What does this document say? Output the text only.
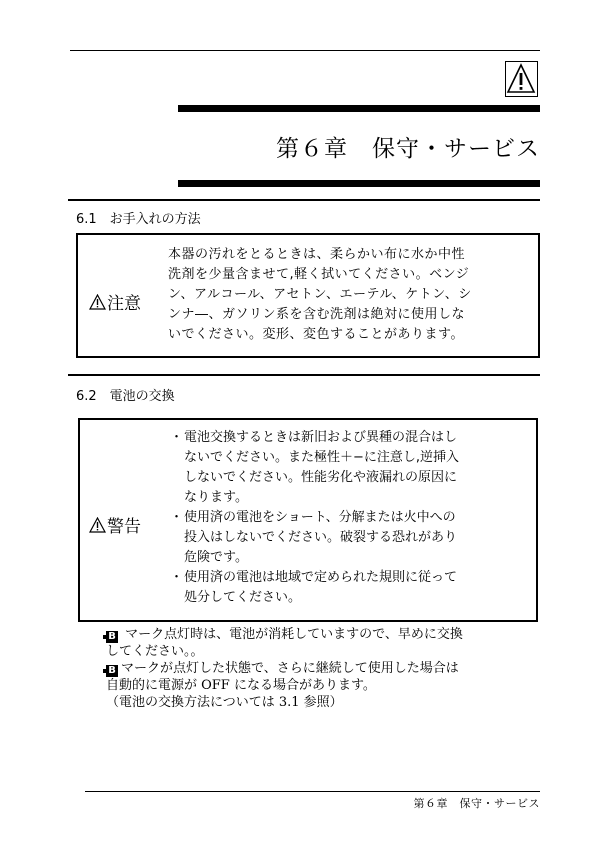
第６章　保守・サービス
6.1　お手入れの方法
注意
本器の汚れをとるときは、柔らかい布に水か中性
洗剤を少量含ませて,軽く拭いてください。ベンジ
ン、アルコール、アセトン、エーテル、ケトン、シ
ンナ―、ガソリン系を含む洗剤は絶対に使用しな
いでください。変形、変色することがあります。
6.2　電池の交換
警告
・ 電池交換するときは新旧および異種の混合はし
ないでください。また極性＋−に注意し,逆挿入
しないでください。性能劣化や液漏れの原因に
なります。
・ 使用済の電池をショート、分解または火中への
投入はしないでください。破裂する恐れがあり
危険です。
・ 使用済の電池は地域で定められた規則に従って
処分してください。
B マーク点灯時は、電池が消耗していますので、早めに交換
してください。。
B マークが点灯した状態で、さらに継続して使用した場合は
自動的に電源が OFF になる場合があります。
（電池の交換方法については 3.1 参照）
第６章　保守・サービス
